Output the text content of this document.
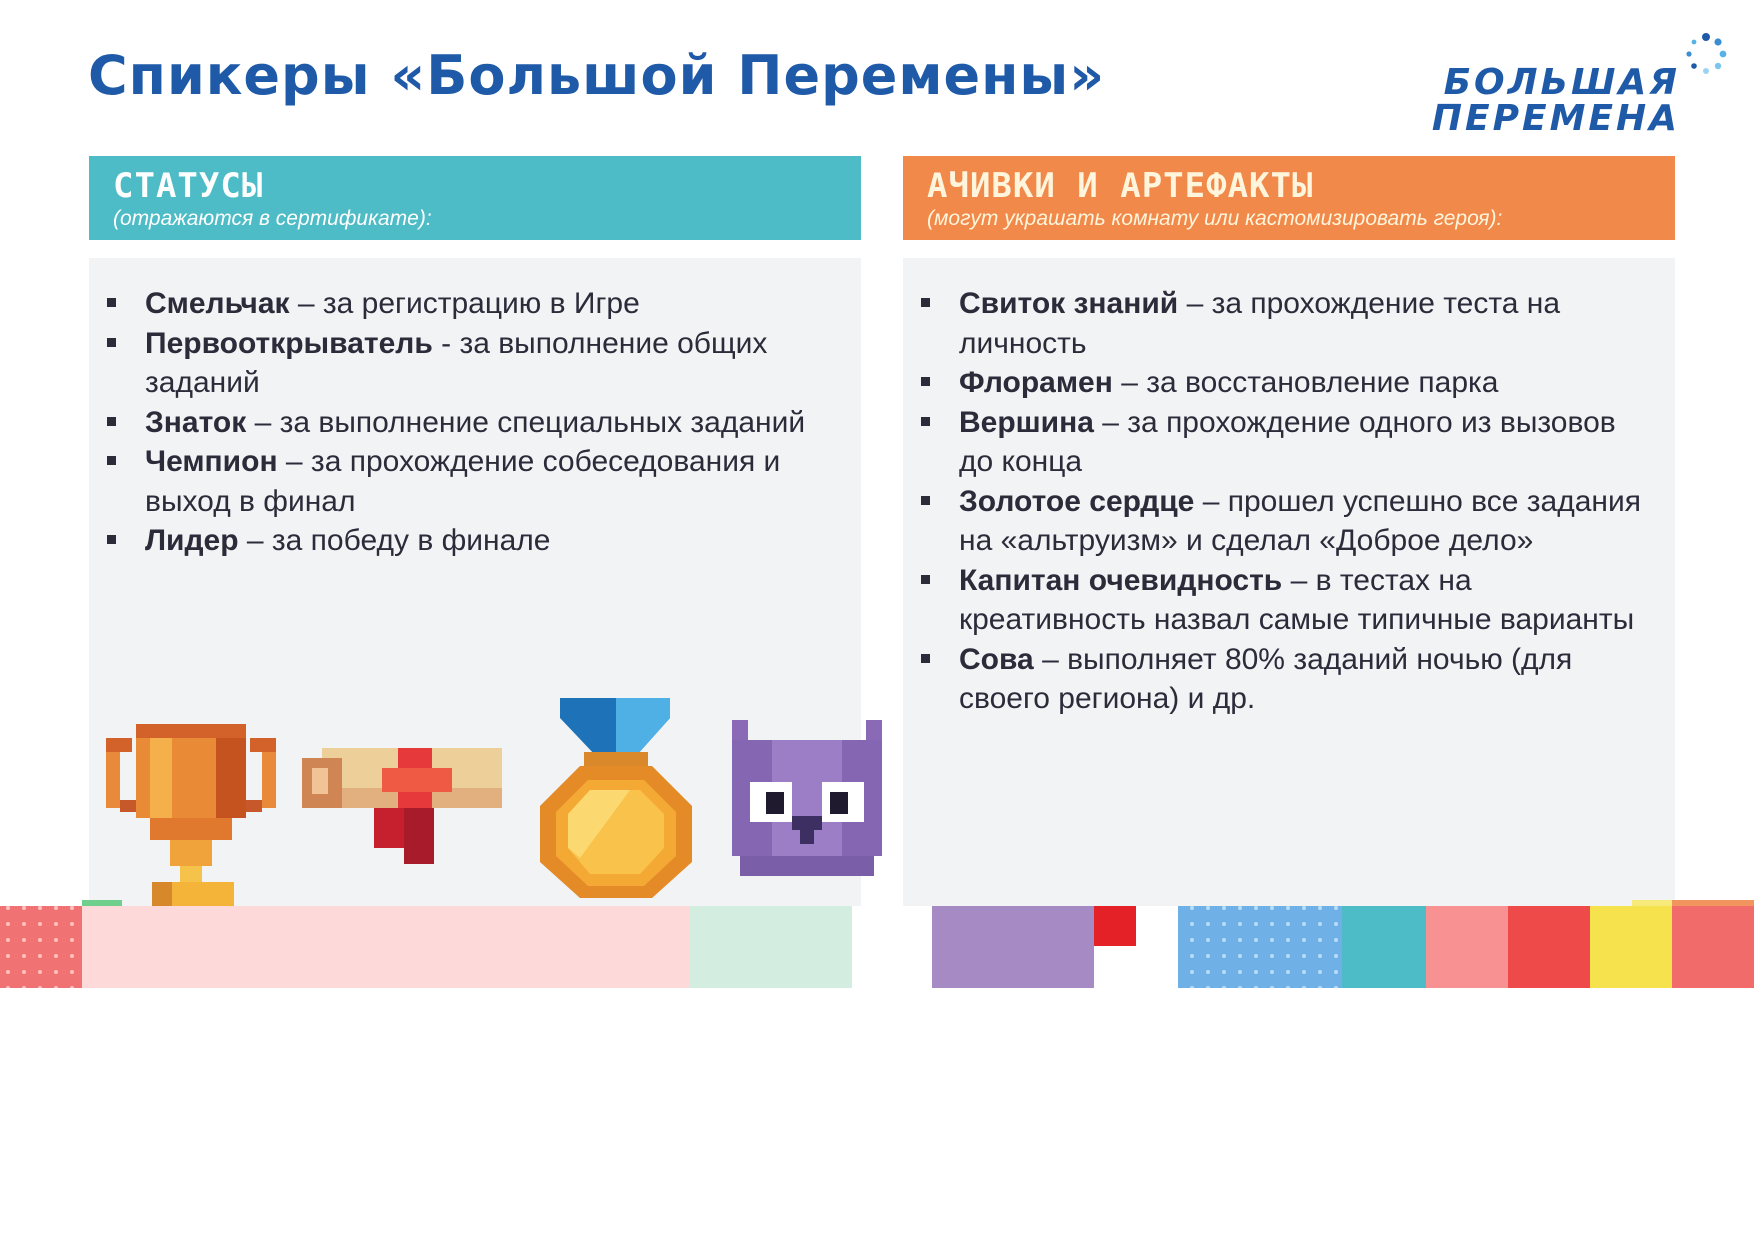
Спикеры «Большой Перемены»	БОЛЬШАЯ
ПЕРЕМЕНА
СТАТУСЫ
(отражаются в сертификате):
АЧИВКИ И АРТЕФАКТЫ
(могут украшать комнату или кастомизировать героя):
Смельчак – за регистрацию в Игре
Первооткрыватель - за выполнение общих заданий
Знаток – за выполнение специальных заданий
Чемпион – за прохождение собеседования и выход в финал
Лидер – за победу в финале
Свиток знаний – за прохождение теста на личность
Флорамен – за восстановление парка
Вершина – за прохождение одного из вызовов до конца
Золотое сердце – прошел успешно все задания на «альтруизм» и сделал «Доброе дело»
Капитан очевидность – в тестах на креативность назвал самые типичные варианты
Сова – выполняет 80% заданий ночью (для своего региона) и др.
